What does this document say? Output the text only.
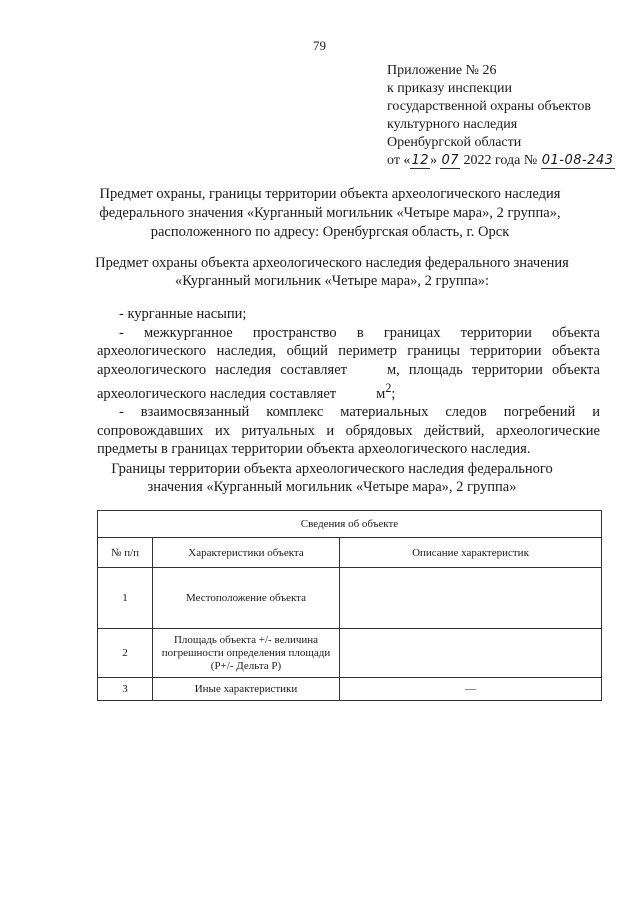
79
Приложение № 26
к приказу инспекции
государственной охраны объектов
культурного наследия
Оренбургской области
от «12» 07 2022 года № 01-08-243
Предмет охраны, границы территории объекта археологического наследия
федерального значения «Курганный могильник «Четыре мара», 2 группа»,
расположенного по адресу: Оренбургская область, г. Орск
Предмет охраны объекта археологического наследия федерального значения
«Курганный могильник «Четыре мара», 2 группа»:

- курганные насыпи;

- межкурганное пространство в границах территории объекта археологического наследия, общий периметр границы территории объекта археологического наследия составляет	м, площадь территории объекта археологического наследия составляет	$м^2$;

- взаимосвязанный комплекс материальных следов погребений и сопровождавших их ритуальных и обрядовых действий, археологические предметы в границах территории объекта археологического наследия.

Границы территории объекта археологического наследия федерального
значения «Курганный могильник «Четыре мара», 2 группа»
Сведения об объекте		
№ п/п	Характеристики объекта	Описание характеристик
1	Местоположение объекта	
2	Площадь объекта +/- величина погрешности определения площади (Р+/- Дельта Р)	
3	Иные характеристики	—
